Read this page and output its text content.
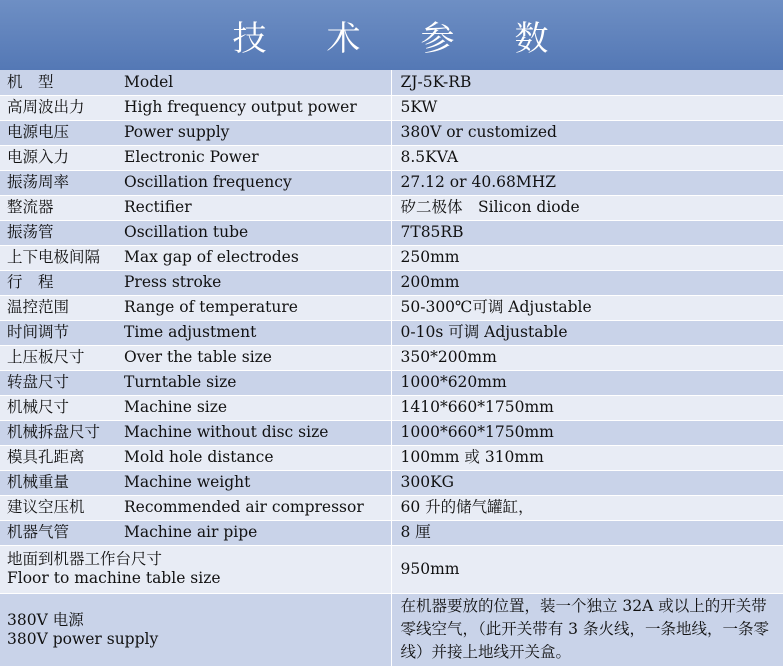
技 术 参 数
机　型	Model	ZJ-5K-RB
高周波出力	High frequency output power	5KW
电源电压	Power supply	380V or customized
电源入力	Electronic Power	8.5KVA
振荡周率	Oscillation frequency	27.12 or 40.68MHZ
整流器	Rectifier	矽二极体　Silicon diode
振荡管	Oscillation tube	7T85RB
上下电极间隔	Max gap of electrodes	250mm
行　程	Press stroke	200mm
温控范围	Range of temperature	50-300℃可调 Adjustable
时间调节	Time adjustment	0-10s 可调 Adjustable
上压板尺寸	Over the table size	350*200mm
转盘尺寸	Turntable size	1000*620mm
机械尺寸	Machine size	1410*660*1750mm
机械拆盘尺寸	Machine without disc size	1000*660*1750mm
模具孔距离	Mold hole distance	100mm 或 310mm
机械重量	Machine weight	300KG
建议空压机	Recommended air compressor	60 升的储气罐缸，
机器气管	Machine air pipe	8 厘

地面到机器工作台尺寸
Floor to machine table size		950mm

380V 电源
380V power supply		在机器要放的位置，装一个独立 32A 或以上的开关带零线空气，（此开关带有 3 条火线，一条地线，一条零线）并接上地线开关盒。
